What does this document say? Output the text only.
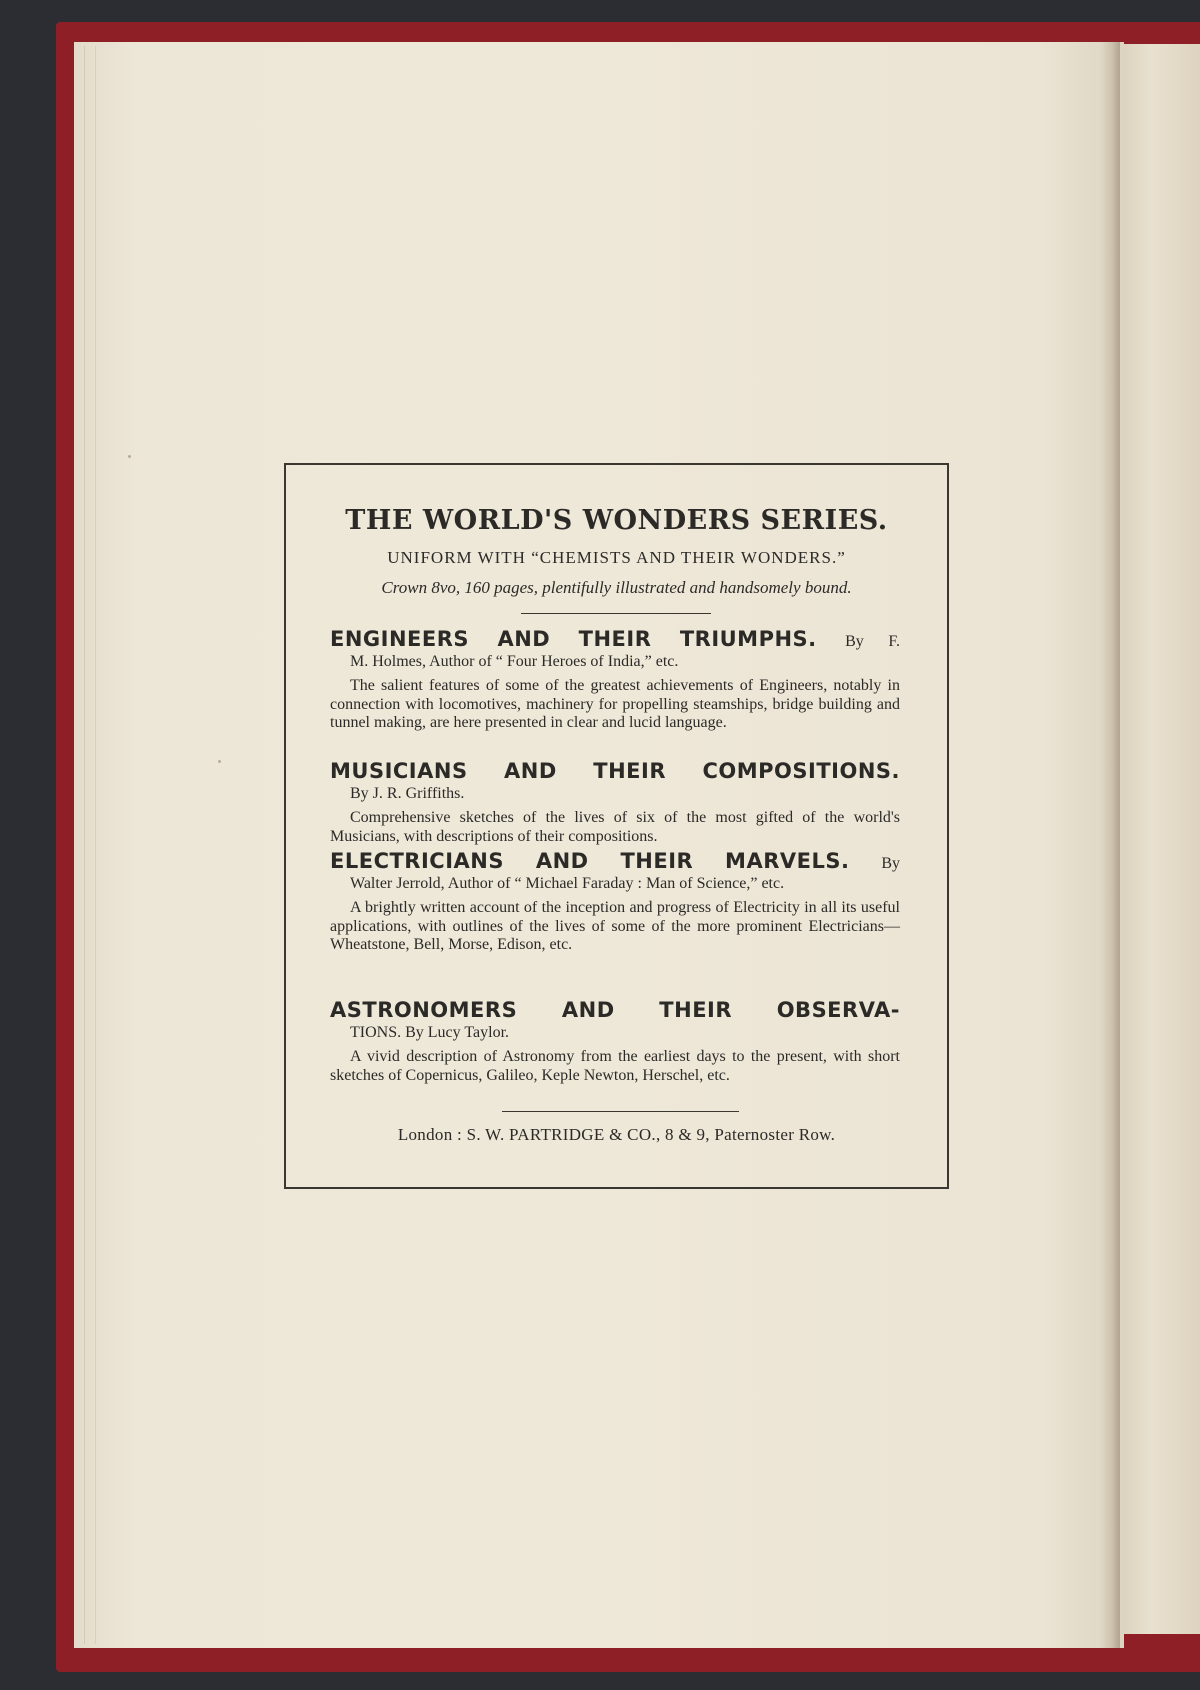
THE WORLD'S WONDERS SERIES.
UNIFORM WITH “CHEMISTS AND THEIR WONDERS.”
Crown 8vo, 160 pages, plentifully illustrated and handsomely bound.
ENGINEERS AND THEIR TRIUMPHS. By F.
M. Holmes, Author of “ Four Heroes of India,” etc.
The salient features of some of the greatest achievements of Engineers, notably in connection with locomotives, machinery for propelling steamships, bridge building and tunnel making, are here presented in clear and lucid language.
MUSICIANS AND THEIR COMPOSITIONS.
By J. R. Griffiths.
Comprehensive sketches of the lives of six of the most gifted of the world's Musicians, with descriptions of their compositions.
ELECTRICIANS AND THEIR MARVELS. By
Walter Jerrold, Author of “ Michael Faraday : Man of Science,” etc.
A brightly written account of the inception and progress of Electricity in all its useful applications, with outlines of the lives of some of the more prominent Electricians—Wheatstone, Bell, Morse, Edison, etc.
ASTRONOMERS AND THEIR OBSERVA-
TIONS. By Lucy Taylor.
A vivid description of Astronomy from the earliest days to the present, with short sketches of Copernicus, Galileo, Keple Newton, Herschel, etc.
London : S. W. PARTRIDGE & CO., 8 & 9, Paternoster Row.
